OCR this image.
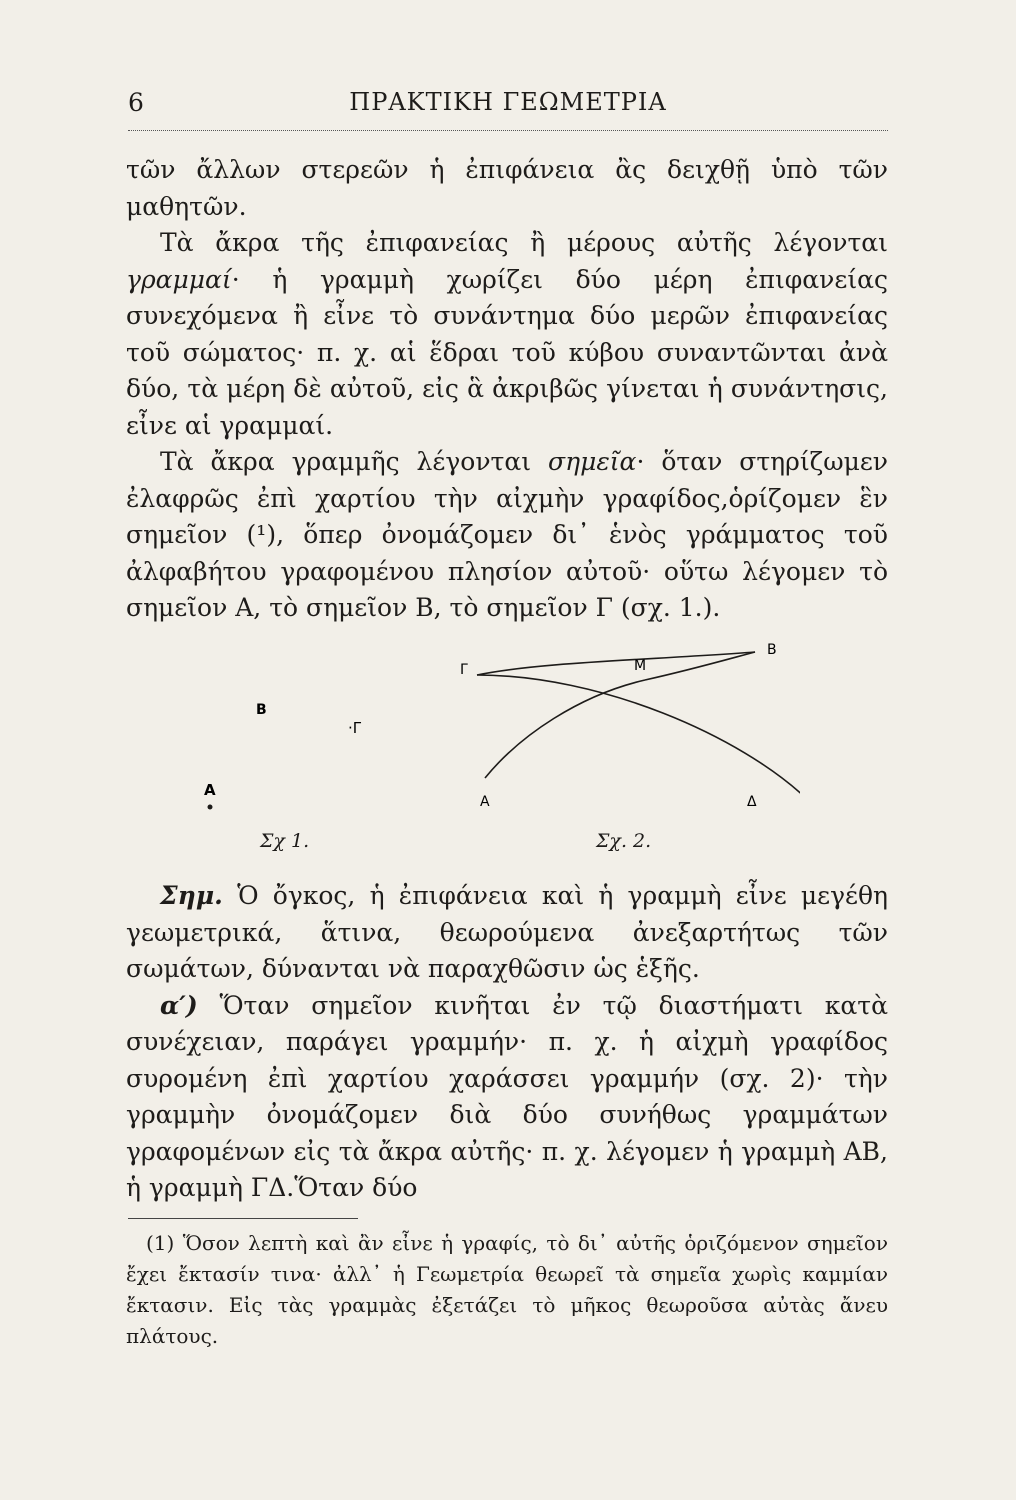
6	ΠΡΑΚΤΙΚΗ ΓΕΩΜΕΤΡΙΑ

τῶν ἄλλων στερεῶν ἡ ἐπιφάνεια ἂς δειχθῇ ὑπὸ τῶν μαθητῶν.

Τὰ ἄκρα τῆς ἐπιφανείας ἢ μέρους αὐτῆς λέγονται γραμμαί· ἡ γραμμὴ χωρίζει δύο μέρη ἐπιφανείας συνεχόμενα ἢ εἶνε τὸ συνάντημα δύο μερῶν ἐπιφανείας τοῦ σώματος· π. χ. αἱ ἕδραι τοῦ κύβου συναντῶνται ἀνὰ δύο, τὰ μέρη δὲ αὐτοῦ, εἰς ἃ ἀκριβῶς γίνεται ἡ συνάντησις, εἶνε αἱ γραμμαί.

Τὰ ἄκρα γραμμῆς λέγονται σημεῖα· ὅταν στηρίζωμεν ἐλαφρῶς ἐπὶ χαρτίου τὴν αἰχμὴν γραφίδος,ὁρίζομεν ἓν σημεῖον (¹), ὅπερ ὀνομάζομεν δι᾽ ἑνὸς γράμματος τοῦ ἀλφαβήτου γραφομένου πλησίον αὐτοῦ· οὕτω λέγομεν τὸ σημεῖον Α, τὸ σημεῖον Β, τὸ σημεῖον Γ (σχ. 1.).

Β
·Γ
Α
Γ	Μ
Β
Α	Δ
Σχ 1.	Σχ. 2.

Σημ. Ὁ ὄγκος, ἡ ἐπιφάνεια καὶ ἡ γραμμὴ εἶνε μεγέθη γεωμετρικά, ἅτινα, θεωρούμενα ἀνεξαρτήτως τῶν σωμάτων, δύνανται νὰ παραχθῶσιν ὡς ἑξῆς.

α′) Ὅταν σημεῖον κινῆται ἐν τῷ διαστήματι κατὰ συνέχειαν, παράγει γραμμήν· π. χ. ἡ αἰχμὴ γραφίδος συρομένη ἐπὶ χαρτίου χαράσσει γραμμήν (σχ. 2)· τὴν γραμμὴν ὀνομάζομεν διὰ δύο συνήθως γραμμάτων γραφομένων εἰς τὰ ἄκρα αὐτῆς· π. χ. λέγομεν ἡ γραμμὴ ΑΒ, ἡ γραμμὴ ΓΔ.Ὅταν δύο

(1) Ὅσον λεπτὴ καὶ ἂν εἶνε ἡ γραφίς, τὸ δι᾽ αὐτῆς ὁριζόμενον σημεῖον ἔχει ἔκτασίν τινα· ἀλλ᾽ ἡ Γεωμετρία θεωρεῖ τὰ σημεῖα χωρὶς καμμίαν ἔκτασιν. Εἰς τὰς γραμμὰς ἐξετάζει τὸ μῆκος θεωροῦσα αὐτὰς ἄνευ πλάτους.
